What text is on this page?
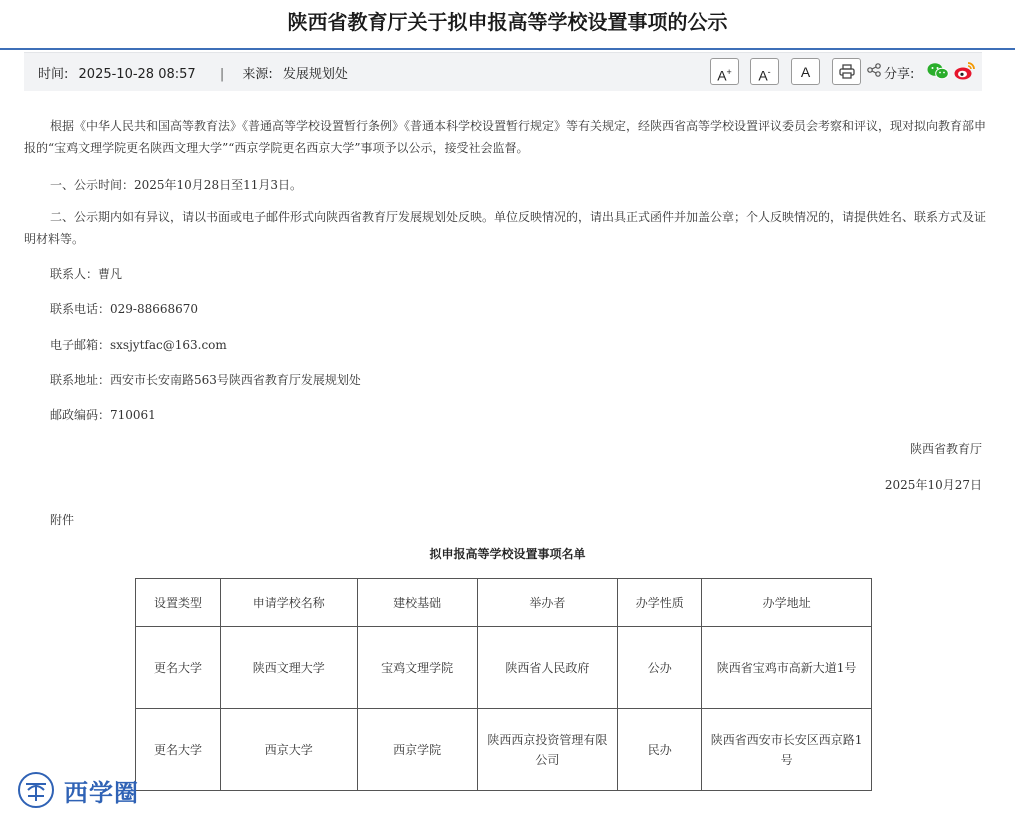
陕西省教育厅关于拟申报高等学校设置事项的公示
时间: 2025-10-28 08:57 | 来源: 发展规划处	A+	A-	A	分享:
根据《中华人民共和国高等教育法》《普通高等学校设置暂行条例》《普通本科学校设置暂行规定》等有关规定，经陕西省高等学校设置评议委员会考察和评议，现对拟向教育部申报的“宝鸡文理学院更名陕西文理大学”“西京学院更名西京大学”事项予以公示，接受社会监督。
一、公示时间：2025年10月28日至11月3日。
二、公示期内如有异议，请以书面或电子邮件形式向陕西省教育厅发展规划处反映。单位反映情况的，请出具正式函件并加盖公章；个人反映情况的，请提供姓名、联系方式及证明材料等。
联系人：曹凡
联系电话：029-88668670
电子邮箱：sxsjytfac@163.com
联系地址：西安市长安南路563号陕西省教育厅发展规划处
邮政编码：710061
陕西省教育厅
2025年10月27日
附件
拟申报高等学校设置事项名单
设置类型	申请学校名称	建校基础	举办者	办学性质	办学地址
更名大学	陕西文理大学	宝鸡文理学院	陕西省人民政府	公办	陕西省宝鸡市高新大道1号
更名大学	西京大学	西京学院	陕西西京投资管理有限公司	民办	陕西省西安市长安区西京路1号
西学圈
